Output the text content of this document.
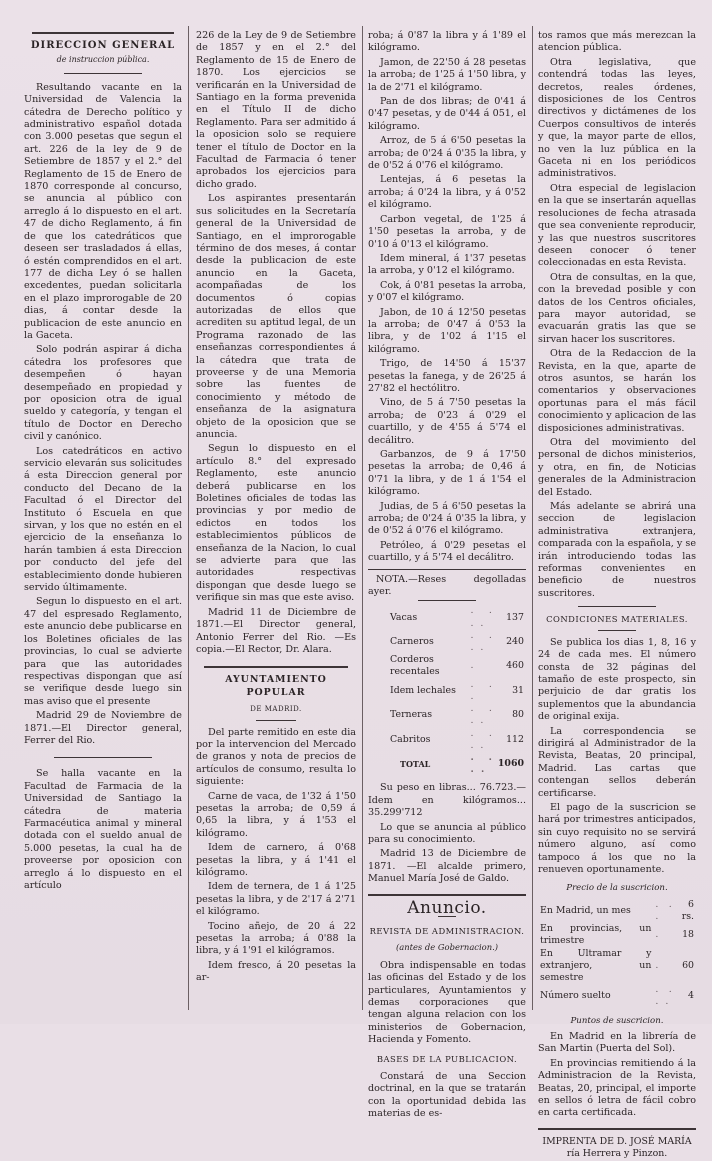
DIRECCION GENERAL
de instruccion pública.

Resultando vacante en la Universidad de Valencia la cátedra de Derecho político y administrativo español dotada con 3.000 pesetas que segun el art. 226 de la ley de 9 de Setiembre de 1857 y el 2.° del Reglamento de 15 de Enero de 1870 corresponde al concurso, se anuncia al público con arreglo á lo dispuesto en el art. 47 de dicho Reglamento, á fin de que los catedráticos que deseen ser trasladados á ellas, ó estén comprendidos en el art. 177 de dicha Ley ó se hallen excedentes, puedan solicitarla en el plazo improrogable de 20 dias, á contar desde la publicacion de este anuncio en la Gaceta.

Solo podrán aspirar á dicha cátedra los profesores que desempeñen ó hayan desempeñado en propiedad y por oposicion otra de igual sueldo y categoría, y tengan el título de Doctor en Derecho civil y canónico.

Los catedráticos en activo servicio elevarán sus solicitudes á esta Direccion general por conducto del Decano de la Facultad ó el Director del Instituto ó Escuela en que sirvan, y los que no estén en el ejercicio de la enseñanza lo harán tambien á esta Direccion por conducto del jefe del establecimiento donde hubieren servido últimamente.

Segun lo dispuesto en el art. 47 del espresado Reglamento, este anuncio debe publicarse en los Boletines oficiales de las provincias, lo cual se advierte para que las autoridades respectivas dispongan que así se verifique desde luego sin mas aviso que el presente

Madrid 29 de Noviembre de 1871.—El Director general, Ferrer del Rio.

Se halla vacante en la Facultad de Farmacia de la Universidad de Santiago la cátedra de materia Farmacéutica animal y mineral dotada con el sueldo anual de 5.000 pesetas, la cual ha de proveerse por oposicion con arreglo á lo dispuesto en el artículo

226 de la Ley de 9 de Setiembre de 1857 y en el 2.° del Reglamento de 15 de Enero de 1870. Los ejercicios se verificarán en la Universidad de Santiago en la forma prevenida en el Título II de dicho Reglamento. Para ser admitido á la oposicion solo se requiere tener el título de Doctor en la Facultad de Farmacia ó tener aprobados los ejercicios para dicho grado.

Los aspirantes presentarán sus solicitudes en la Secretaría general de la Universidad de Santiago, en el improrogable término de dos meses, á contar desde la publicacion de este anuncio en la Gaceta, acompañadas de los documentos ó copias autorizadas de ellos que acrediten su aptitud legal, de un Programa razonado de las enseñanzas correspondientes á la cátedra que trata de proveerse y de una Memoria sobre las fuentes de conocimiento y método de enseñanza de la asignatura objeto de la oposicion que se anuncia.

Segun lo dispuesto en el artículo 8.° del expresado Reglamento, este anuncio deberá publicarse en los Boletines oficiales de todas las provincias y por medio de edictos en todos los establecimientos públicos de enseñanza de la Nacion, lo cual se advierte para que las autoridades respectivas dispongan que desde luego se verifique sin mas que este aviso.

Madrid 11 de Diciembre de 1871.—El Director general, Antonio Ferrer del Rio. —Es copia.—El Rector, Dr. Alara.

AYUNTAMIENTO POPULAR
DE MADRID.

Del parte remitido en este dia por la intervencion del Mercado de granos y nota de precios de artículos de consumo, resulta lo siguiente:

Carne de vaca, de 1'32 á 1'50 pesetas la arroba; de 0,59 á 0,65 la libra, y á 1'53 el kilógramo.

Idem de carnero, á 0'68 pesetas la libra, y á 1'41 el kilógramo.

Idem de ternera, de 1 á 1'25 pesetas la libra, y de 2'17 á 2'71 el kilógramo.

Tocino añejo, de 20 á 22 pesetas la arroba; á 0'88 la libra, y á 1'91 el kilógramos.

Idem fresco, á 20 pesetas la ar-

roba; á 0'87 la libra y á 1'89 el kilógramo.

Jamon, de 22'50 á 28 pesetas la arroba; de 1'25 á 1'50 libra, y la de 2'71 el kilógramo.

Pan de dos libras; de 0'41 á 0'47 pesetas, y de 0'44 á 051, el kilógramo.

Arroz, de 5 á 6'50 pesetas la arroba; de 0'24 á 0'35 la libra, y de 0'52 á 0'76 el kilógramo.

Lentejas, á 6 pesetas la arroba; á 0'24 la libra, y á 0'52 el kilógramo.

Carbon vegetal, de 1'25 á 1'50 pesetas la arroba, y de 0'10 á 0'13 el kilógramo.

Idem mineral, á 1'37 pesetas la arroba, y 0'12 el kilógramo.

Cok, á 0'81 pesetas la arroba, y 0'07 el kilógramo.

Jabon, de 10 á 12'50 pesetas la arroba; de 0'47 á 0'53 la libra, y de 1'02 á 1'15 el kilógramo.

Trigo, de 14'50 á 15'37 pesetas la fanega, y de 26'25 á 27'82 el hectólitro.

Vino, de 5 á 7'50 pesetas la arroba; de 0'23 á 0'29 el cuartillo, y de 4'55 á 5'74 el decálitro.

Garbanzos, de 9 á 17'50 pesetas la arroba; de 0,46 á 0'71 la libra, y de 1 á 1'54 el kilógramo.

Judias, de 5 á 6'50 pesetas la arroba; de 0'24 á 0'35 la libra, y de 0'52 á 0'76 el kilógramo.

Petróleo, á 0'29 pesetas el cuartillo, y á 5'74 el decálitro.

NOTA.—Reses degolladas ayer.

Vacas	. . . .	137
Carneros	. . . .	240
Corderos recentales	.	460
Idem lechales	. . .	31
Terneras	. . . .	80
Cabritos	. . . .	112
TOTAL	. . . .	1060

Su peso en libras... 76.723.— Idem en kilógramos... 35.299'712

Lo que se anuncia al público para su conocimiento.

Madrid 13 de Diciembre de 1871. —El alcalde primero, Manuel María José de Galdo.

Anuncio.
REVISTA DE ADMINISTRACION.
(antes de Gobernacion.)

Obra indispensable en todas las oficinas del Estado y de los particulares, Ayuntamientos y demas corporaciones que tengan alguna relacion con los ministerios de Gobernacion, Hacienda y Fomento.

BASES DE LA PUBLICACION.

Constará de una Seccion doctrinal, en la que se tratarán con la oportunidad debida las materias de es-

tos ramos que más merezcan la atencion pública.

Otra legislativa, que contendrá todas las leyes, decretos, reales órdenes, disposiciones de los Centros directivos y dictámenes de los Cuerpos consultivos de interés y que, la mayor parte de ellos, no ven la luz pública en la Gaceta ni en los periódicos administrativos.

Otra especial de legislacion en la que se insertarán aquellas resoluciones de fecha atrasada que sea conveniente reproducir, y las que nuestros suscritores deseen conocer ó tener coleccionadas en esta Revista.

Otra de consultas, en la que, con la brevedad posible y con datos de los Centros oficiales, para mayor autoridad, se evacuarán gratis las que se sirvan hacer los suscritores.

Otra de la Redaccion de la Revista, en la que, aparte de otros asuntos, se harán los comentarios y observaciones oportunas para el más fácil conocimiento y aplicacion de las disposiciones administrativas.

Otra del movimiento del personal de dichos ministerios, y otra, en fin, de Noticias generales de la Administracion del Estado.

Más adelante se abrirá una seccion de legislacion administrativa extranjera, comparada con la española, y se irán introduciendo todas las reformas convenientes en beneficio de nuestros suscritores.

CONDICIONES MATERIALES.

Se publica los dias 1, 8, 16 y 24 de cada mes. El número consta de 32 páginas del tamaño de este prospecto, sin perjuicio de dar gratis los suplementos que la abundancia de original exija.

La correspondencia se dirigirá al Administrador de la Revista, Beatas, 20 principal, Madrid. Las cartas que contengan sellos deberán certificarse.

El pago de la suscricion se hará por trimestres anticipados, sin cuyo requisito no se servirá número alguno, así como tampoco á los que no la renueven oportunamente.

Precio de la suscricion.
En Madrid, un mes	. . .	6 rs.
En provincias, un trimestre	.	18
En Ultramar y extranjero, un semestre	.	60
Número suelto	. . . .	4
Puntos de suscricion.

En Madrid en la librería de San Martin (Puerta del Sol).

En provincias remitiendo á la Administracion de la Revista, Beatas, 20, principal, el importe en sellos ó letra de fácil cobro en carta certificada.

IMPRENTA DE D. JOSÉ MARÍA
ría Herrera y Pinzon.
